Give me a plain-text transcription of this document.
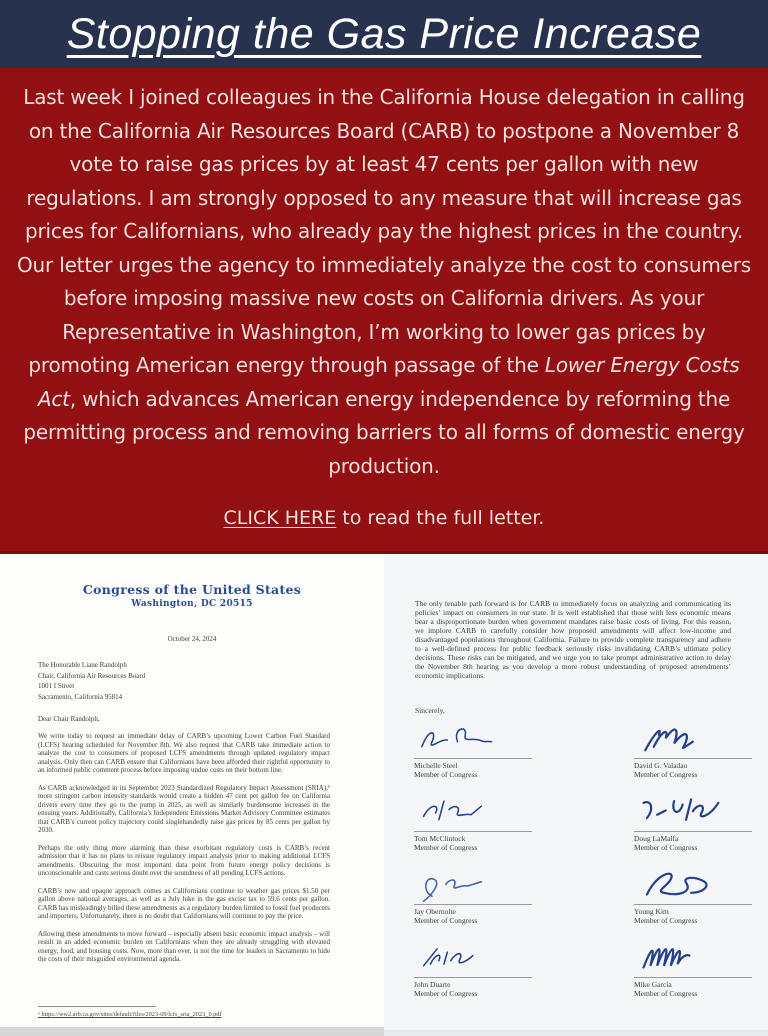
Stopping the Gas Price Increase

Last week I joined colleagues in the California House delegation in calling on the California Air Resources Board (CARB) to postpone a November 8 vote to raise gas prices by at least 47 cents per gallon with new regulations. I am strongly opposed to any measure that will increase gas prices for Californians, who already pay the highest prices in the country. Our letter urges the agency to immediately analyze the cost to consumers before imposing massive new costs on California drivers. As your Representative in Washington, I’m working to lower gas prices by promoting American energy through passage of the Lower Energy Costs Act, which advances American energy independence by reforming the permitting process and removing barriers to all forms of domestic energy production.

CLICK HERE to read the full letter.

Congress of the United States
Washington, DC 20515
October 24, 2024
The Honorable Liane Randolph
Chair, California Air Resources Board
1001 I Street
Sacramento, California 95814
Dear Chair Randolph,

We write today to request an immediate delay of CARB’s upcoming Lower Carbon Fuel Standard (LCFS) hearing scheduled for November 8th. We also request that CARB take immediate action to analyze the cost to consumers of proposed LCFS amendments through updated regulatory impact analysis. Only then can CARB ensure that Californians have been afforded their rightful opportunity to an informed public comment process before imposing undue costs on their bottom line.

As CARB acknowledged in its September 2023 Standardized Regulatory Impact Assessment (SRIA),¹ more stringent carbon intensity standards would create a hidden 47 cent per gallon fee on California drivers every time they go to the pump in 2025, as well as similarly burdensome increases in the ensuing years. Additionally, California’s Independent Emissions Market Advisory Committee estimates that CARB’s current policy trajectory could singlehandedly raise gas prices by 85 cents per gallon by 2030.

Perhaps the only thing more alarming than these exorbitant regulatory costs is CARB’s recent admission that it has no plans to reissue regulatory impact analysis prior to making additional LCFS amendments. Obscuring the most important data point from future energy policy decisions is unconscionable and casts serious doubt over the soundness of all pending LCFS actions.

CARB’s new and opaque approach comes as Californians continue to weather gas prices $1.50 per gallon above national averages, as well as a July hike in the gas excise tax to 59.6 cents per gallon. CARB has misleadingly billed these amendments as a regulatory burden limited to fossil fuel producers and importers. Unfortunately, there is no doubt that Californians will continue to pay the price.

Allowing these amendments to move forward – especially absent basic economic impact analysis – will result in an added economic burden on Californians when they are already struggling with elevated energy, food, and housing costs. Now, more than ever, is not the time for leaders in Sacramento to hide the costs of their misguided environmental agenda.

¹ https://ww2.arb.ca.gov/sites/default/files/2023-09/lcfs_sria_2023_0.pdf

The only tenable path forward is for CARB to immediately focus on analyzing and communicating its policies’ impact on consumers in our state. It is well established that those with less economic means bear a disproportionate burden when government mandates raise basic costs of living. For this reason, we implore CARB to carefully consider how proposed amendments will affect low-income and disadvantaged populations throughout California. Failure to provide complete transparency and adhere to a well-defined process for public feedback seriously risks invalidating CARB’s ultimate policy decisions. These risks can be mitigated, and we urge you to take prompt administrative action to delay the November 8th hearing as you develop a more robust understanding of proposed amendments’ economic implications.

Sincerely,
Michelle Steel
Member of Congress
David G. Valadao
Member of Congress
Tom McClintock
Member of Congress
Doug LaMalfa
Member of Congress
Jay Obernolte
Member of Congress
Young Kim
Member of Congress
John Duarte
Member of Congress
Mike Garcia
Member of Congress
